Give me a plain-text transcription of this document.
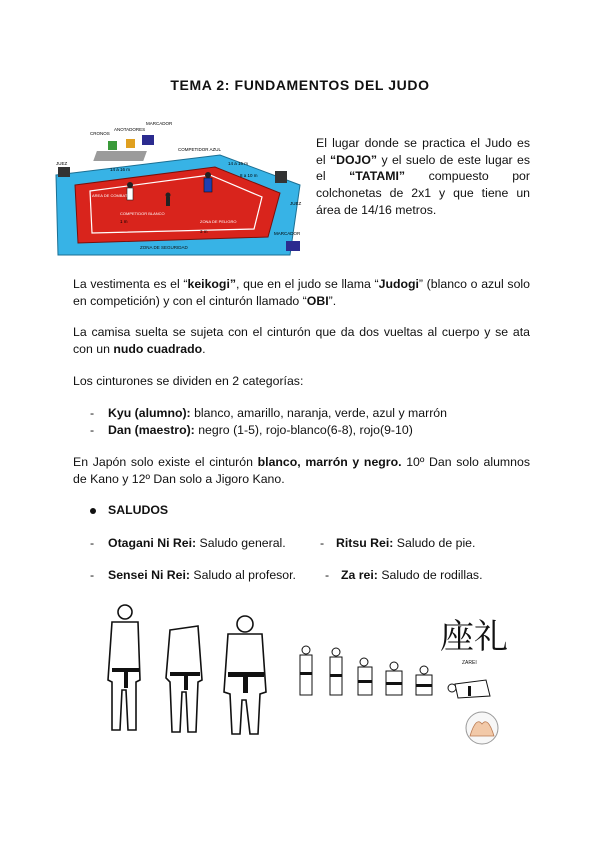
TEMA 2: FUNDAMENTOS DEL JUDO
CRONOS
ANOTADORES
MARCADOR
COMPETIDOR AZUL
JUEZ
JUEZ
AREA DE COMBATE
COMPETIDOR BLANCO
ZONA DE PELIGRO
ZONA DE SEGURIDAD
MARCADOR
14 a 16 m
14 a 16 m
8 a 10 m
1 m
3 m
El lugar donde se practica el Judo es el “DOJO” y el suelo de este lugar es el “TATAMI” compuesto por colchonetas de 2x1 y que tiene un área de 14/16 metros.
La vestimenta es el “keikogi”, que en el judo se llama “Judogi” (blanco o azul solo en competición) y con el cinturón llamado “OBI”.
La camisa suelta se sujeta con el cinturón que da dos vueltas al cuerpo y se ata con un nudo cuadrado.
Los cinturones se dividen en 2 categorías:
- Kyu (alumno): blanco, amarillo, naranja, verde, azul y marrón
- Dan (maestro): negro (1-5), rojo-blanco(6-8), rojo(9-10)
En Japón solo existe el cinturón blanco, marrón y negro. 10º Dan solo alumnos de Kano y 12º Dan solo a Jigoro Kano.
SALUDOS
- Otagani Ni Rei: Saludo general.	- Ritsu Rei: Saludo de pie.
- Sensei Ni Rei: Saludo al profesor. - Za rei: Saludo de rodillas.
座礼
ZAREI
